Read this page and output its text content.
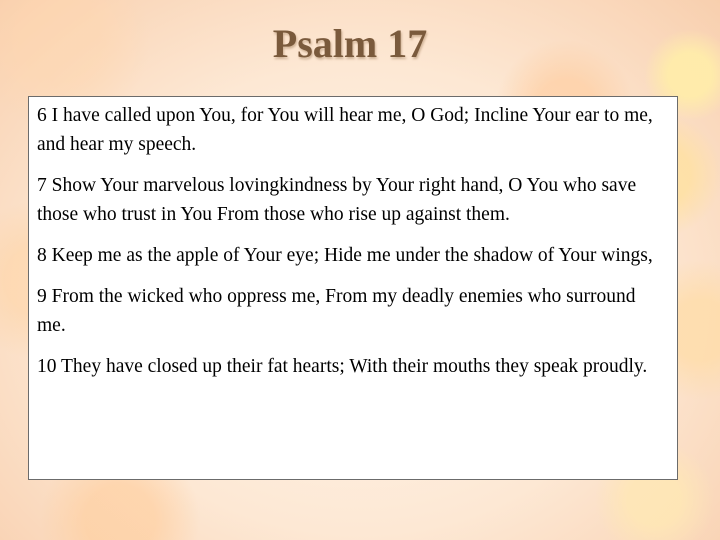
Psalm 17

6 I have called upon You, for You will hear me, O God; Incline Your ear to me, and hear my speech.

7 Show Your marvelous lovingkindness by Your right hand, O You who save those who trust in You From those who rise up against them.

8 Keep me as the apple of Your eye; Hide me under the shadow of Your wings,

9 From the wicked who oppress me, From my deadly enemies who surround me.

10 They have closed up their fat hearts; With their mouths they speak proudly.
